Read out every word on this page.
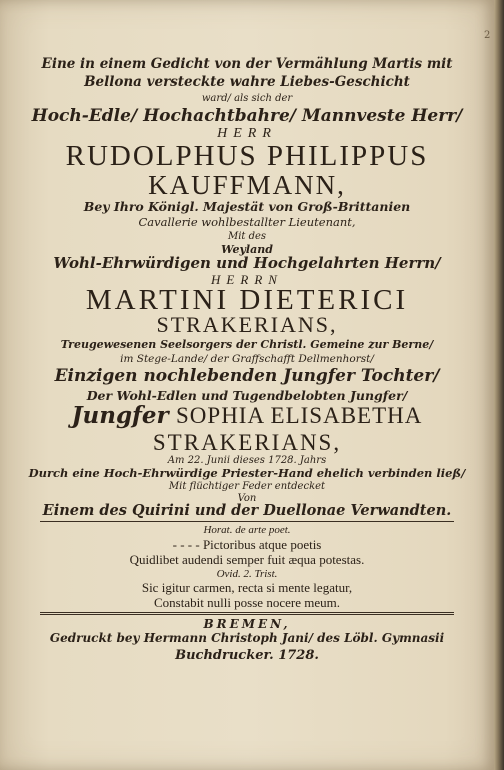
Eine in einem Gedicht von der Vermählung Martis mit
Bellona versteckte wahre Liebes-Geschicht
ward/ als sich der
Hoch-Edle/ Hochachtbahre/ Mannveste Herr/
HERR
RUDOLPHUS PHILIPPUS
KAUFFMANN,
Bey Ihro Königl. Majestät von Groß-Brittanien
Cavallerie wohlbestallter Lieutenant,
Mit des
Weyland
Wohl-Ehrwürdigen und Hochgelahrten Herrn/
HERRN
MARTINI DIETERICI
STRAKERIANS,
Treugewesenen Seelsorgers der Christl. Gemeine zur Berne/
im Stege-Lande/ der Graffschafft Dellmenhorst/
Einzigen nochlebenden Jungfer Tochter/
Der Wohl-Edlen und Tugendbelobten Jungfer/
Jungfer SOPHIA ELISABETHA
STRAKERIANS,
Am 22. Junii dieses 1728. Jahrs
Durch eine Hoch-Ehrwürdige Priester-Hand ehelich verbinden ließ/
Mit flüchtiger Feder entdecket
Von
Einem des Quirini und der Duellonae Verwandten.
Horat. de arte poet.
- - - - Pictoribus atque poetis
Quidlibet audendi semper fuit æqua potestas.
Ovid. 2. Trist.
Sic igitur carmen, recta si mente legatur,
Constabit nulli posse nocere meum.
BREMEN,
Gedruckt bey Hermann Christoph Jani/ des Löbl. Gymnasii
Buchdrucker. 1728.
2
